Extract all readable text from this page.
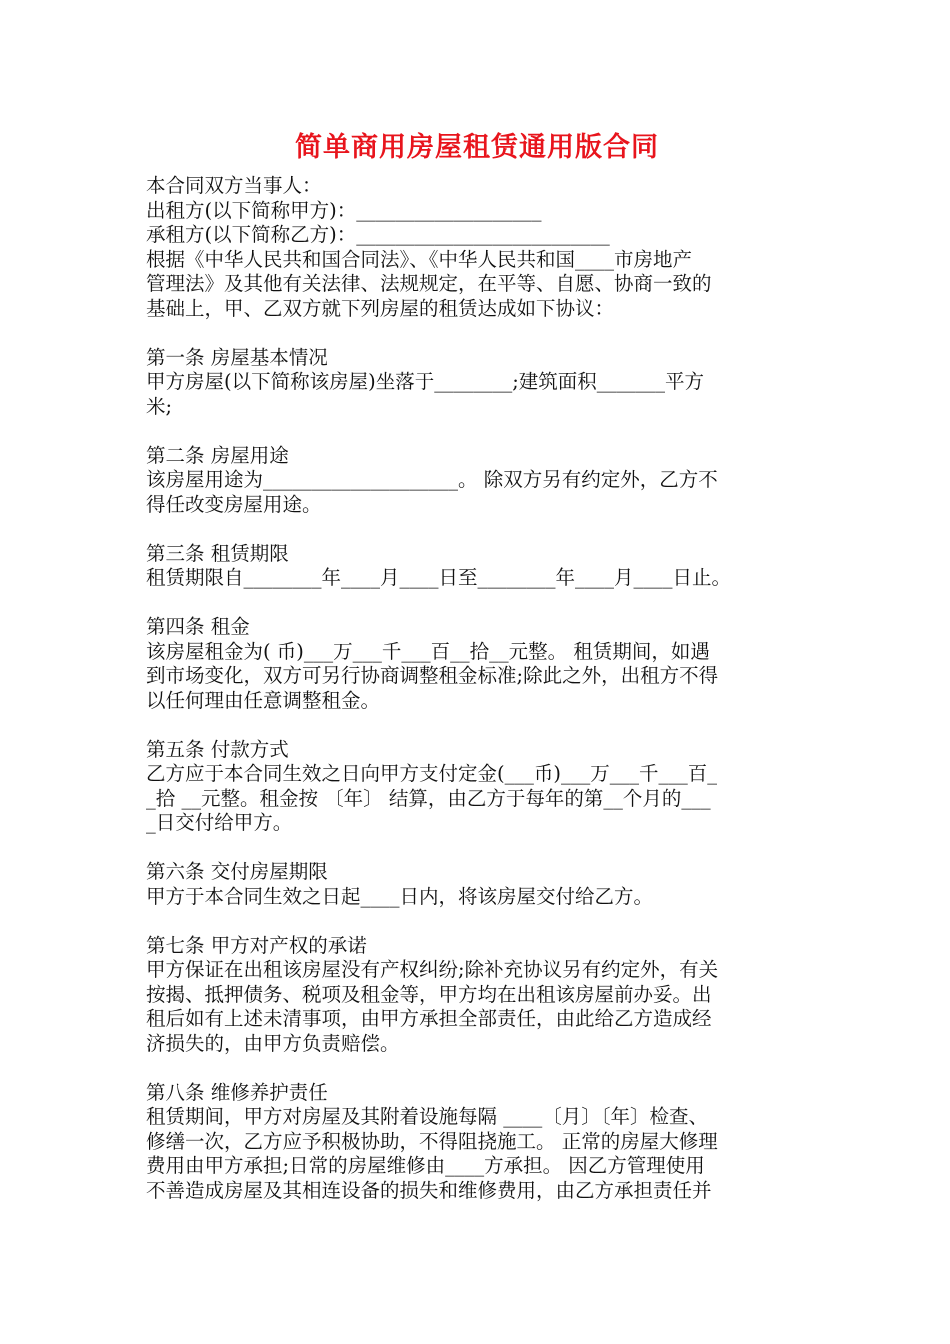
简单商用房屋租赁通用版合同
本合同双方当事人：
出租方(以下简称甲方)：___________________
承租方(以下简称乙方)：__________________________
根据《中华人民共和国合同法》、《中华人民共和国____市房地产
管理法》及其他有关法律、法规规定，在平等、自愿、协商一致的
基础上，甲、乙双方就下列房屋的租赁达成如下协议：
第一条 房屋基本情况
甲方房屋(以下简称该房屋)坐落于________;建筑面积_______平方
米;
第二条 房屋用途
该房屋用途为____________________。 除双方另有约定外，乙方不
得任改变房屋用途。
第三条 租赁期限
租赁期限自________年____月____日至________年____月____日止。
第四条 租金
该房屋租金为( 币)___万___千___百__拾__元整。 租赁期间，如遇
到市场变化，双方可另行协商调整租金标准;除此之外，出租方不得
以任何理由任意调整租金。
第五条 付款方式
乙方应于本合同生效之日向甲方支付定金(___币)___万___千___百_
_拾 __元整。租金按 〔年〕 结算，由乙方于每年的第__个月的___
_日交付给甲方。
第六条 交付房屋期限
甲方于本合同生效之日起____日内，将该房屋交付给乙方。
第七条 甲方对产权的承诺
甲方保证在出租该房屋没有产权纠纷;除补充协议另有约定外，有关
按揭、抵押债务、税项及租金等，甲方均在出租该房屋前办妥。出
租后如有上述未清事项，由甲方承担全部责任，由此给乙方造成经
济损失的，由甲方负责赔偿。
第八条 维修养护责任
租赁期间，甲方对房屋及其附着设施每隔 ____〔月〕〔年〕检查、
修缮一次，乙方应予积极协助，不得阻挠施工。 正常的房屋大修理
费用由甲方承担;日常的房屋维修由____方承担。 因乙方管理使用
不善造成房屋及其相连设备的损失和维修费用，由乙方承担责任并
